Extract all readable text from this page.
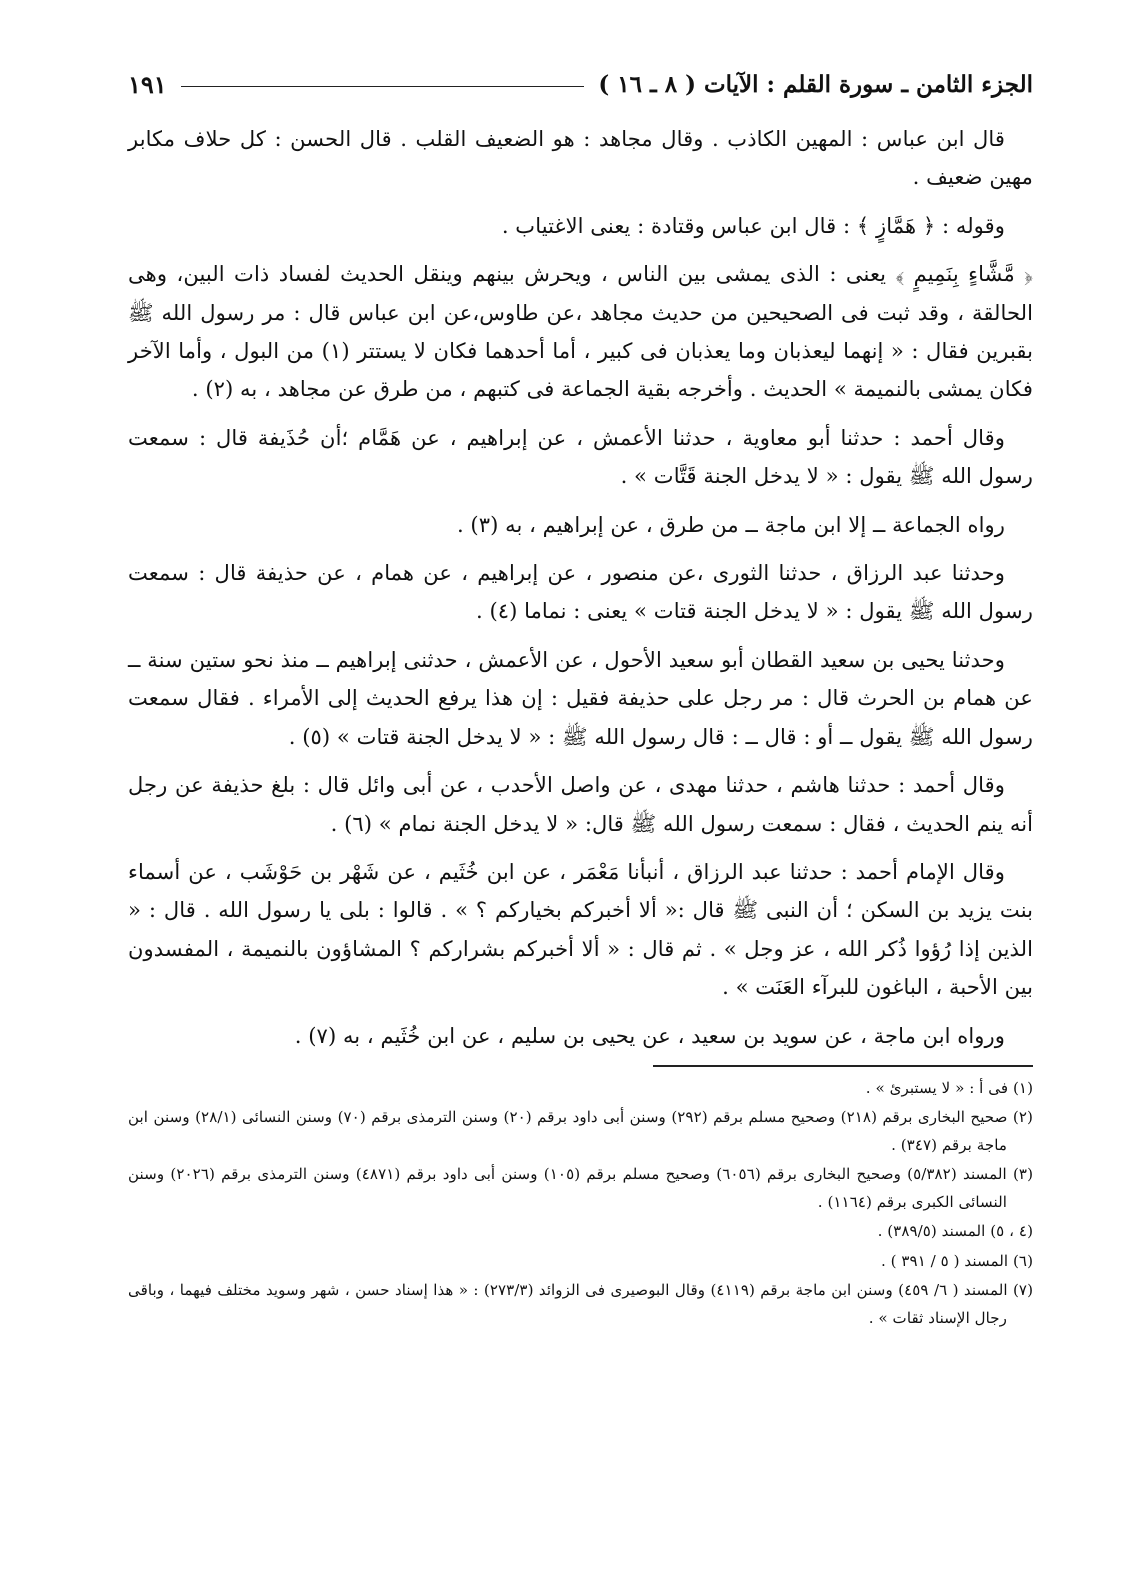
الجزء الثامن ـ سورة القلم : الآيات ( ٨ ـ ١٦ )
١٩١

قال ابن عباس : المهين الكاذب . وقال مجاهد : هو الضعيف القلب . قال الحسن : كل حلاف مكابر مهين ضعيف .

وقوله : ﴿ هَمَّازٍ ﴾ : قال ابن عباس وقتادة : يعنى الاغتياب .

﴿ مَّشَّاءٍ بِنَمِيمٍ ﴾ يعنى : الذى يمشى بين الناس ، ويحرش بينهم وينقل الحديث لفساد ذات البين، وهى الحالقة ، وقد ثبت فى الصحيحين من حديث مجاهد ،عن طاوس،عن ابن عباس قال : مر رسول الله ﷺ بقبرين فقال : « إنهما ليعذبان وما يعذبان فى كبير ، أما أحدهما فكان لا يستتر (١) من البول ، وأما الآخر فكان يمشى بالنميمة » الحديث . وأخرجه بقية الجماعة فى كتبهم ، من طرق عن مجاهد ، به (٢) .

وقال أحمد : حدثنا أبو معاوية ، حدثنا الأعمش ، عن إبراهيم ، عن هَمَّام ؛أن حُذَيفة قال : سمعت رسول الله ﷺ يقول : « لا يدخل الجنة قَتَّات » .

رواه الجماعة ــ إلا ابن ماجة ــ من طرق ، عن إبراهيم ، به (٣) .

وحدثنا عبد الرزاق ، حدثنا الثورى ،عن منصور ، عن إبراهيم ، عن همام ، عن حذيفة قال : سمعت رسول الله ﷺ يقول : « لا يدخل الجنة قتات » يعنى : نماما (٤) .

وحدثنا يحيى بن سعيد القطان أبو سعيد الأحول ، عن الأعمش ، حدثنى إبراهيم ــ منذ نحو ستين سنة ــ عن همام بن الحرث قال : مر رجل على حذيفة فقيل : إن هذا يرفع الحديث إلى الأمراء . فقال سمعت رسول الله ﷺ يقول ــ أو : قال ــ : قال رسول الله ﷺ : « لا يدخل الجنة قتات » (٥) .

وقال أحمد : حدثنا هاشم ، حدثنا مهدى ، عن واصل الأحدب ، عن أبى وائل قال : بلغ حذيفة عن رجل أنه ينم الحديث ، فقال : سمعت رسول الله ﷺ قال: « لا يدخل الجنة نمام » (٦) .

وقال الإمام أحمد : حدثنا عبد الرزاق ، أنبأنا مَعْمَر ، عن ابن خُثَيم ، عن شَهْر بن حَوْشَب ، عن أسماء بنت يزيد بن السكن ؛ أن النبى ﷺ قال :« ألا أخبركم بخياركم ؟ » . قالوا : بلى يا رسول الله . قال : « الذين إذا رُؤوا ذُكر الله ، عز وجل » . ثم قال : « ألا أخبركم بشراركم ؟ المشاؤون بالنميمة ، المفسدون بين الأحبة ، الباغون للبرآء العَنَت » .

ورواه ابن ماجة ، عن سويد بن سعيد ، عن يحيى بن سليم ، عن ابن خُثَيم ، به (٧) .

(١) فى أ : « لا يستبرئ » .

(٢) صحيح البخارى برقم (٢١٨) وصحيح مسلم برقم (٢٩٢) وسنن أبى داود برقم (٢٠) وسنن الترمذى برقم (٧٠) وسنن النسائى (٢٨/١) وسنن ابن ماجة برقم (٣٤٧) .

(٣) المسند (٥/٣٨٢) وصحيح البخارى برقم (٦٠٥٦) وصحيح مسلم برقم (١٠٥) وسنن أبى داود برقم (٤٨٧١) وسنن الترمذى برقم (٢٠٢٦) وسنن النسائى الكبرى برقم (١١٦٤) .

(٤ ، ٥) المسند (٣٨٩/٥) .

(٦) المسند ( ٥ / ٣٩١ ) .

(٧) المسند ( ٦/ ٤٥٩) وسنن ابن ماجة برقم (٤١١٩) وقال البوصيرى فى الزوائد (٢٧٣/٣) : « هذا إسناد حسن ، شهر وسويد مختلف فيهما ، وباقى رجال الإسناد ثقات » .
